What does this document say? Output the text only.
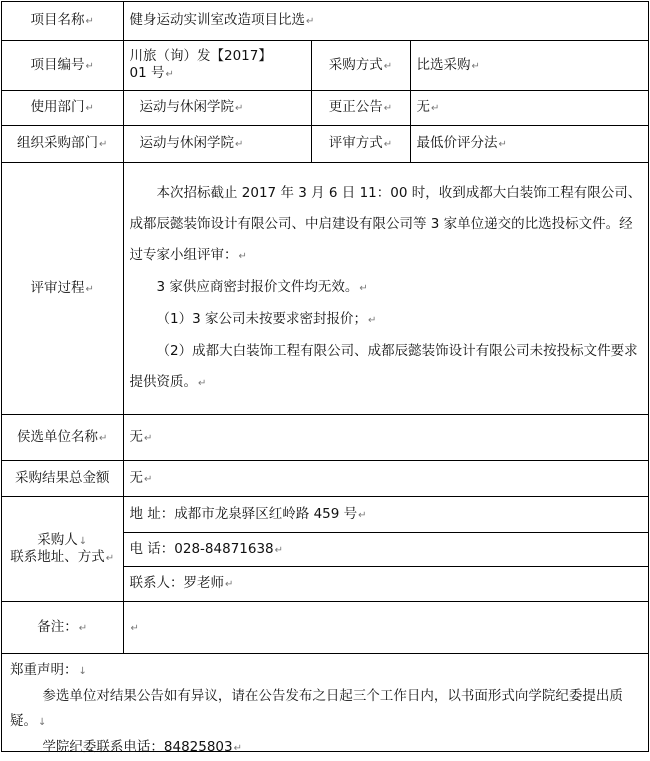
项目名称↵	健身运动实训室改造项目比选↵		
项目编号↵	川旅（询）发【2017】
01 号↵	采购方式↵	比选采购↵
使用部门↵	运动与休闲学院↵	更正公告↵	无↵
组织采购部门↵	运动与休闲学院↵	评审方式↵	最低价评分法↵
评审过程↵	本次招标截止 2017 年 3 月 6 日 11：00 时，收到成都大白装饰工程有限公司、成都辰懿装饰设计有限公司、中启建设有限公司等 3 家单位递交的比选投标文件。经过专家小组评审：↵

3 家供应商密封报价文件均无效。↵

（1）3 家公司未按要求密封报价；↵

（2）成都大白装饰工程有限公司、成都辰懿装饰设计有限公司未按投标文件要求提供资质。↵		

侯选单位名称↵	无↵		
采购结果总金额	无↵		
采购人↓
联系地址、方式↵	地 址：成都市龙泉驿区红岭路 459 号↵		
	电 话：028-84871638↵		
	联系人：罗老师↵		
备注：↵	↵		

郑重声明：↓

参选单位对结果公告如有异议，请在公告发布之日起三个工作日内，以书面形式向学院纪委提出质疑。↓

学院纪委联系电话：84825803↵
